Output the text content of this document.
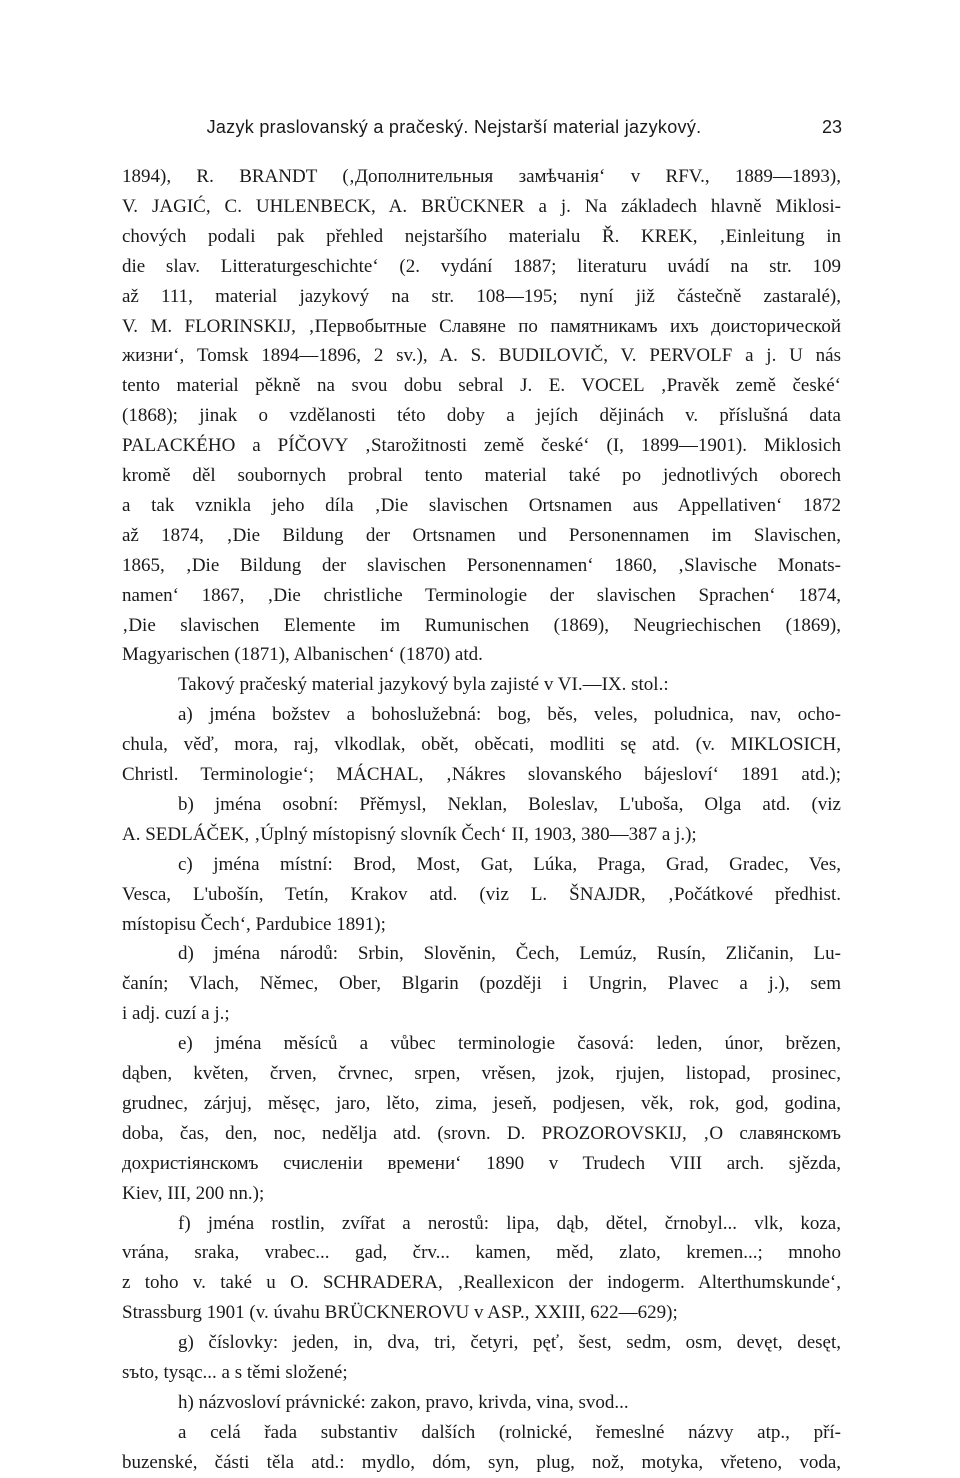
Jazyk praslovanský a pračeský. Nejstarší material jazykový.	23
1894), R. BRANDT (‚Дополнительныя замѣчанія‘ v RFV., 1889—1893),
V. JAGIĆ, C. UHLENBECK, A. BRÜCKNER a j. Na základech hlavně Miklosi-
chových podali pak přehled nejstaršího materialu Ř. KREK, ‚Einleitung in
die slav. Litteraturgeschichte‘ (2. vydání 1887; literaturu uvádí na str. 109
až 111, material jazykový na str. 108—195; nyní již částečně zastaralé),
V. M. FLORINSKIJ, ‚Первобытные Славяне по памятникамъ ихъ доисторической
жизни‘, Tomsk 1894—1896, 2 sv.), A. S. BUDILOVIČ, V. PERVOLF a j. U nás
tento material pěkně na svou dobu sebral J. E. VOCEL ‚Pravěk země české‘
(1868); jinak o vzdělanosti této doby a jejích dějinách v. příslušná data
PALACKÉHO a PÍČOVY ‚Starožitnosti země české‘ (I, 1899—1901). Miklosich
kromě děl soubornych probral tento material také po jednotlivých oborech
a tak vznikla jeho díla ‚Die slavischen Ortsnamen aus Appellativen‘ 1872
až 1874, ‚Die Bildung der Ortsnamen und Personennamen im Slavischen,
1865, ‚Die Bildung der slavischen Personennamen‘ 1860, ‚Slavische Monats-
namen‘ 1867, ‚Die christliche Terminologie der slavischen Sprachen‘ 1874,
‚Die slavischen Elemente im Rumunischen (1869), Neugriechischen (1869),
Magyarischen (1871), Albanischen‘ (1870) atd.
Takový pračeský material jazykový byla zajisté v VI.—IX. stol.:
a) jména božstev a bohoslužebná: bog, běs, veles, poludnica, nav, ocho-
chula, věď, mora, raj, vlkodlak, obět, oběcati, modliti sę atd. (v. MIKLOSICH,
Christl. Terminologie‘; MÁCHAL, ‚Nákres slovanského bájesloví‘ 1891 atd.);
b) jména osobní: Přěmysl, Neklan, Boleslav, L'uboša, Olga atd. (viz
A. SEDLÁČEK, ‚Úplný místopisný slovník Čech‘ II, 1903, 380—387 a j.);
c) jména místní: Brod, Most, Gat, Lúka, Praga, Grad, Gradec, Ves,
Vesca, L'ubošín, Tetín, Krakov atd. (viz L. ŠNAJDR, ‚Počátkové předhist.
místopisu Čech‘, Pardubice 1891);
d) jména národů: Srbin, Slověnin, Čech, Lemúz, Rusín, Zličanin, Lu-
čanín; Vlach, Němec, Ober, Blgarin (později i Ungrin, Plavec a j.), sem
i adj. cuzí a j.;
e) jména měsíců a vůbec terminologie časová: leden, únor, brězen,
dąben, květen, črven, črvnec, srpen, vrěsen, jzok, rjujen, listopad, prosinec,
grudnec, zárjuj, měsęc, jaro, lěto, zima, jeseň, podjesen, věk, rok, god, godina,
doba, čas, den, noc, nedělja atd. (srovn. D. PROZOROVSKIJ, ‚О славянскомъ
дохристіянскомъ счисленіи времени‘ 1890 v Trudech VIII arch. sjězda,
Kiev, III, 200 nn.);
f) jména rostlin, zvířat a nerostů: lipa, dąb, dětel, črnobyl... vlk, koza,
vrána, sraka, vrabec... gad, črv... kamen, měd, zlato, kremen...; mnoho
z toho v. také u O. SCHRADERA, ‚Reallexicon der indogerm. Alterthumskunde‘,
Strassburg 1901 (v. úvahu BRÜCKNEROVU v ASP., XXIII, 622—629);
g) číslovky: jeden, in, dva, tri, četyri, pęť, šest, sedm, osm, devęt, desęt,
sъto, tysąc... a s těmi složené;
h) názvosloví právnické: zakon, pravo, krivda, vina, svod...
a celá řada substantiv dalších (rolnické, řemeslné názvy atp., pří-
buzenské, části těla atd.: mydlo, dóm, syn, plug, nož, motyka, vřeteno, voda,
